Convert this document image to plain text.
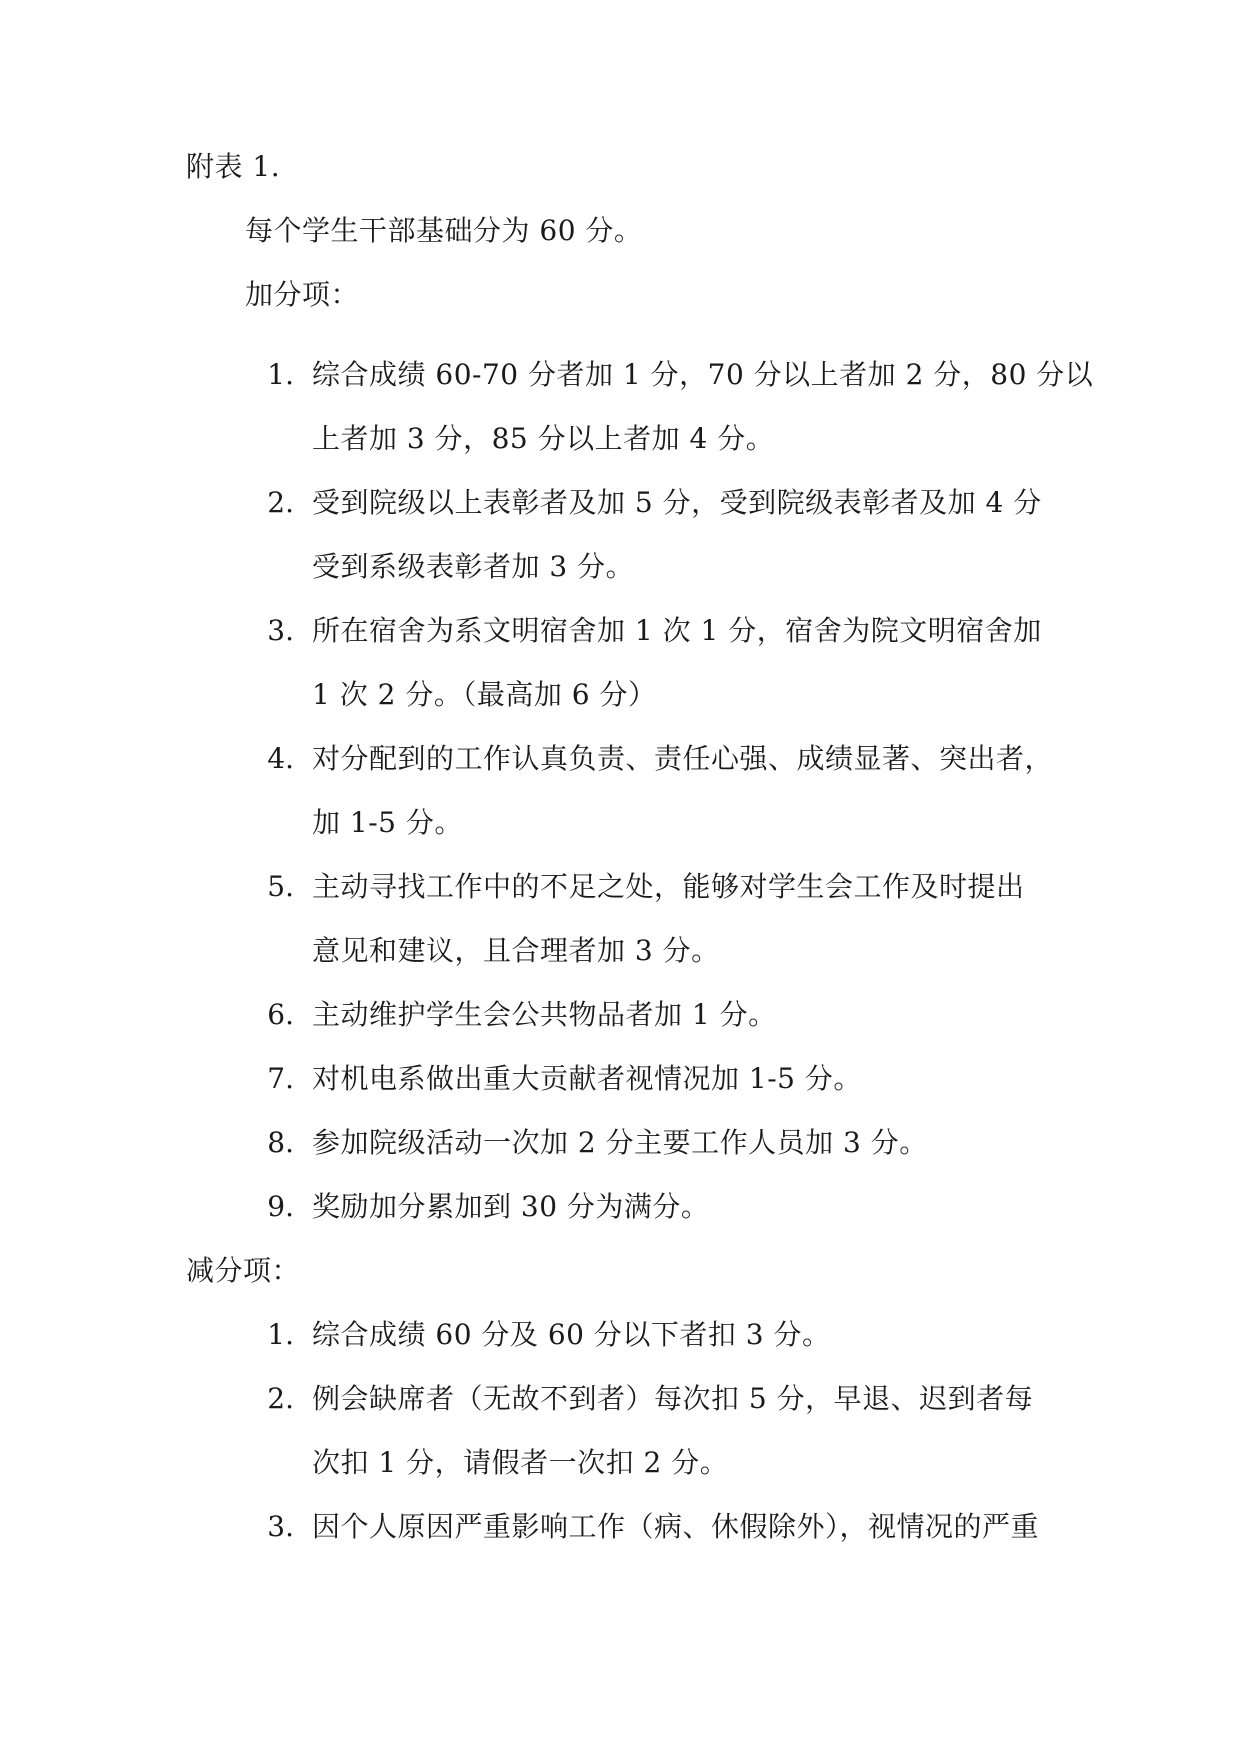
附表 1.
每个学生干部基础分为 60 分。
加分项：
1. 综合成绩 60-70 分者加 1 分，70 分以上者加 2 分，80 分以
上者加 3 分，85 分以上者加 4 分。
2. 受到院级以上表彰者及加 5 分，受到院级表彰者及加 4 分
受到系级表彰者加 3 分。
3. 所在宿舍为系文明宿舍加 1 次 1 分，宿舍为院文明宿舍加
1 次 2 分。（最高加 6 分）
4. 对分配到的工作认真负责、责任心强、成绩显著、突出者，
加 1-5 分。
5. 主动寻找工作中的不足之处，能够对学生会工作及时提出
意见和建议，且合理者加 3 分。
6. 主动维护学生会公共物品者加 1 分。
7. 对机电系做出重大贡献者视情况加 1-5 分。
8. 参加院级活动一次加 2 分主要工作人员加 3 分。
9. 奖励加分累加到 30 分为满分。
减分项：
1. 综合成绩 60 分及 60 分以下者扣 3 分。
2. 例会缺席者（无故不到者）每次扣 5 分，早退、迟到者每
次扣 1 分，请假者一次扣 2 分。
3. 因个人原因严重影响工作（病、休假除外），视情况的严重
